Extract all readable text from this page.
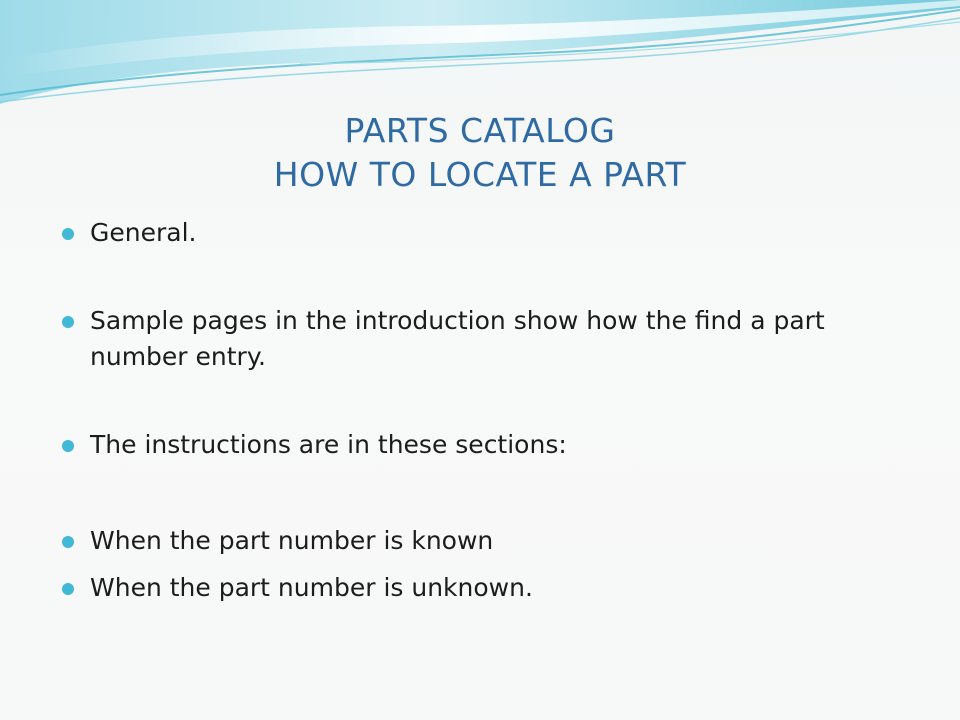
PARTS CATALOG
HOW TO LOCATE A PART
General.
Sample pages in the introduction show how the find a part number entry.
The instructions are in these sections:
When the part number is known
When the part number is unknown.
